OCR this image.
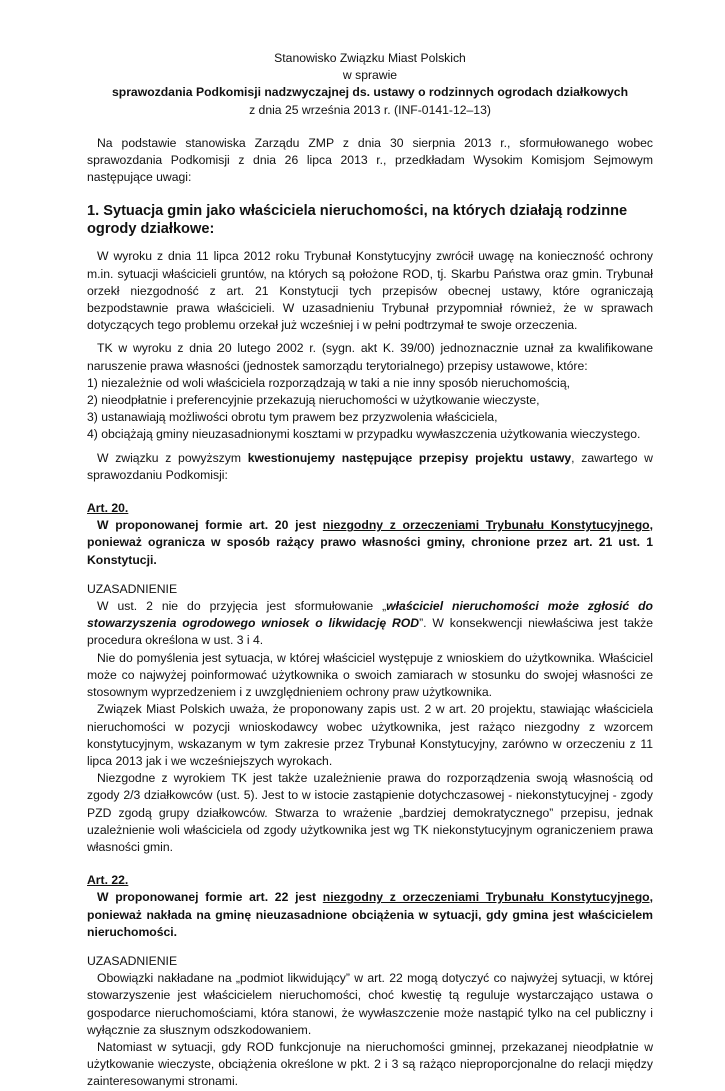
Stanowisko Związku Miast Polskich
w sprawie
sprawozdania Podkomisji nadzwyczajnej ds. ustawy o rodzinnych ogrodach działkowych
z dnia 25 września 2013 r. (INF-0141-12–13)

Na podstawie stanowiska Zarządu ZMP z dnia 30 sierpnia 2013 r., sformułowanego wobec sprawozdania Podkomisji z dnia 26 lipca 2013 r., przedkładam Wysokim Komisjom Sejmowym następujące uwagi:

1. Sytuacja gmin jako właściciela nieruchomości, na których działają rodzinne ogrody działkowe:

W wyroku z dnia 11 lipca 2012 roku Trybunał Konstytucyjny zwrócił uwagę na konieczność ochrony m.in. sytuacji właścicieli gruntów, na których są położone ROD, tj. Skarbu Państwa oraz gmin. Trybunał orzekł niezgodność z art. 21 Konstytucji tych przepisów obecnej ustawy, które ograniczają bezpodstawnie prawa właścicieli. W uzasadnieniu Trybunał przypomniał również, że w sprawach dotyczących tego problemu orzekał już wcześniej i w pełni podtrzymał te swoje orzeczenia.

TK w wyroku z dnia 20 lutego 2002 r. (sygn. akt K. 39/00) jednoznacznie uznał za kwalifikowane naruszenie prawa własności (jednostek samorządu terytorialnego) przepisy ustawowe, które:

1) niezależnie od woli właściciela rozporządzają w taki a nie inny sposób nieruchomością,
2) nieodpłatnie i preferencyjnie przekazują nieruchomości w użytkowanie wieczyste,
3) ustanawiają możliwości obrotu tym prawem bez przyzwolenia właściciela,
4) obciążają gminy nieuzasadnionymi kosztami w przypadku wywłaszczenia użytkowania wieczystego.

W związku z powyższym kwestionujemy następujące przepisy projektu ustawy, zawartego w sprawozdaniu Podkomisji:

Art. 20.

W proponowanej formie art. 20 jest niezgodny z orzeczeniami Trybunału Konstytucyjnego, ponieważ ogranicza w sposób rażący prawo własności gminy, chronione przez art. 21 ust. 1 Konstytucji.

UZASADNIENIE

W ust. 2 nie do przyjęcia jest sformułowanie „właściciel nieruchomości może zgłosić do stowarzyszenia ogrodowego wniosek o likwidację ROD”. W konsekwencji niewłaściwa jest także procedura określona w ust. 3 i 4.

Nie do pomyślenia jest sytuacja, w której właściciel występuje z wnioskiem do użytkownika. Właściciel może co najwyżej poinformować użytkownika o swoich zamiarach w stosunku do swojej własności ze stosownym wyprzedzeniem i z uwzględnieniem ochrony praw użytkownika.

Związek Miast Polskich uważa, że proponowany zapis ust. 2 w art. 20 projektu, stawiając właściciela nieruchomości w pozycji wnioskodawcy wobec użytkownika, jest rażąco niezgodny z wzorcem konstytucyjnym, wskazanym w tym zakresie przez Trybunał Konstytucyjny, zarówno w orzeczeniu z 11 lipca 2013 jak i we wcześniejszych wyrokach.

Niezgodne z wyrokiem TK jest także uzależnienie prawa do rozporządzenia swoją własnością od zgody 2/3 działkowców (ust. 5). Jest to w istocie zastąpienie dotychczasowej - niekonstytucyjnej - zgody PZD zgodą grupy działkowców. Stwarza to wrażenie „bardziej demokratycznego” przepisu, jednak uzależnienie woli właściciela od zgody użytkownika jest wg TK niekonstytucyjnym ograniczeniem prawa własności gmin.

Art. 22.

W proponowanej formie art. 22 jest niezgodny z orzeczeniami Trybunału Konstytucyjnego, ponieważ nakłada na gminę nieuzasadnione obciążenia w sytuacji, gdy gmina jest właścicielem nieruchomości.

UZASADNIENIE

Obowiązki nakładane na „podmiot likwidujący” w art. 22 mogą dotyczyć co najwyżej sytuacji, w której stowarzyszenie jest właścicielem nieruchomości, choć kwestię tą reguluje wystarczająco ustawa o gospodarce nieruchomościami, która stanowi, że wywłaszczenie może nastąpić tylko na cel publiczny i wyłącznie za słusznym odszkodowaniem.

Natomiast w sytuacji, gdy ROD funkcjonuje na nieruchomości gminnej, przekazanej nieodpłatnie w użytkowanie wieczyste, obciążenia określone w pkt. 2 i 3 są rażąco nieproporcjonalne do relacji między zainteresowanymi stronami.
